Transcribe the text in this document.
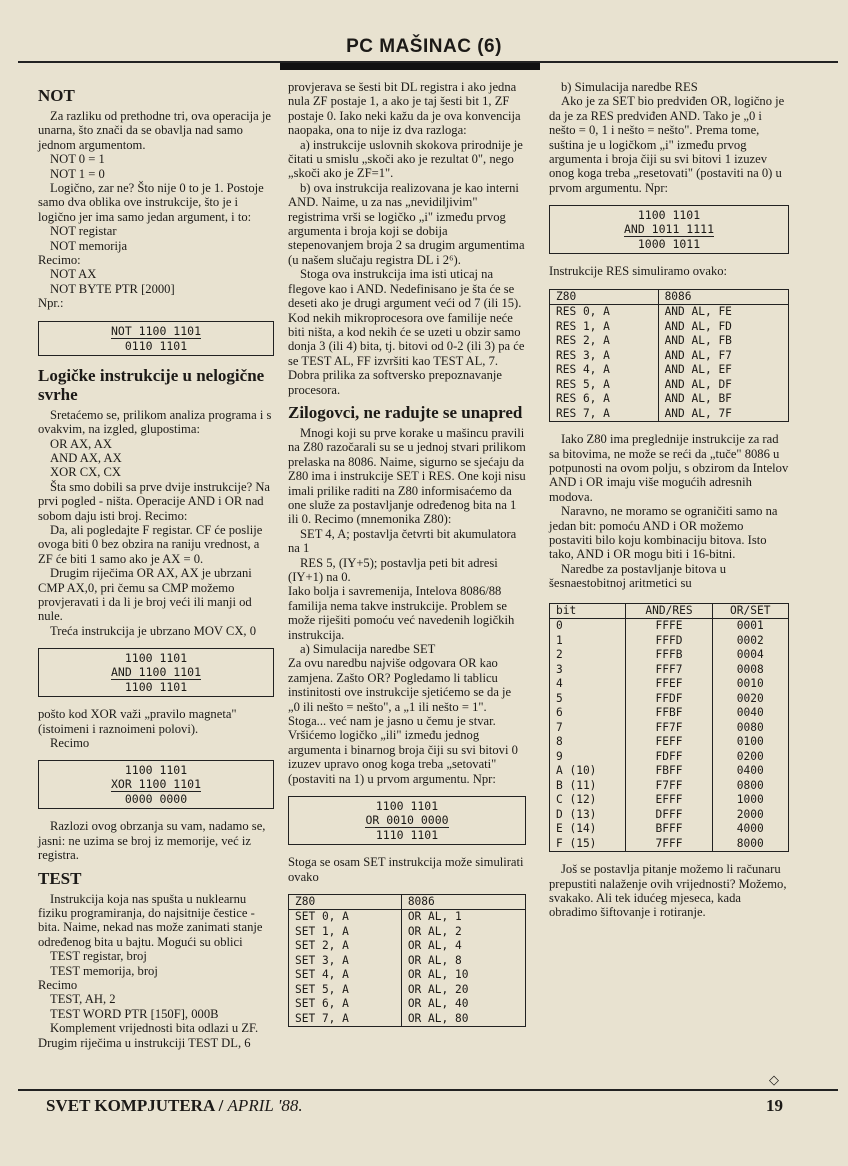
PC MAŠINAC (6)
NOT

Za razliku od prethodne tri, ova operacija je unarna, što znači da se obavlja nad samo jednom argumentom.

NOT 0 = 1

NOT 1 = 0

Logično, zar ne? Što nije 0 to je 1. Postoje samo dva oblika ove instrukcije, što je i logično jer ima samo jedan argument, i to:

NOT registar

NOT memorija

Recimo:

NOT AX

NOT BYTE PTR [2000]

Npr.:

NOT 1100 1101
0110 1101
Logičke instrukcije u nelogične svrhe

Sretaćemo se, prilikom analiza programa i s ovakvim, na izgled, glupostima:

OR AX, AX

AND AX, AX

XOR CX, CX

Šta smo dobili sa prve dvije instrukcije? Na prvi pogled - ništa. Operacije AND i OR nad sobom daju isti broj. Recimo:

Da, ali pogledajte F registar. CF će poslije ovoga biti 0 bez obzira na raniju vrednost, a ZF će biti 1 samo ako je AX = 0.

Drugim riječima OR AX, AX je ubrzani CMP AX,0, pri čemu sa CMP možemo provjeravati i da li je broj veći ili manji od nule.

Treća instrukcija je ubrzano MOV CX, 0

1100 1101
AND 1100 1101
1100 1101

pošto kod XOR važi „pravilo magneta" (istoimeni i raznoimeni polovi).

Recimo

1100 1101
XOR 1100 1101
0000 0000

Razlozi ovog obrzanja su vam, nadamo se, jasni: ne uzima se broj iz memorije, već iz registra.

TEST

Instrukcija koja nas spušta u nuklearnu fiziku programiranja, do najsitnije čestice - bita. Naime, nekad nas može zanimati stanje određenog bita u bajtu. Mogući su oblici

TEST registar, broj

TEST memorija, broj

Recimo

TEST, AH, 2

TEST WORD PTR [150F], 000B

Komplement vrijednosti bita odlazi u ZF. Drugim riječima u instrukciji TEST DL, 6

provjerava se šesti bit DL registra i ako jedna nula ZF postaje 1, a ako je taj šesti bit 1, ZF postaje 0. Iako neki kažu da je ova konvencija naopaka, ona to nije iz dva razloga:

a) instrukcije uslovnih skokova prirodnije je čitati u smislu „skoči ako je rezultat 0", nego „skoči ako je ZF=1".

b) ova instrukcija realizovana je kao interni AND. Naime, u za nas „nevidiljivim" registrima vrši se logičko „i" između prvog argumenta i broja koji se dobija stepenovanjem broja 2 sa drugim argumentima (u našem slučaju registra DL i 2⁶).

Stoga ova instrukcija ima isti uticaj na flegove kao i AND. Nedefinisano je šta će se deseti ako je drugi argument veći od 7 (ili 15). Kod nekih mikroprocesora ove familije neće biti ništa, a kod nekih će se uzeti u obzir samo donja 3 (ili 4) bita, tj. bitovi od 0-2 (ili 3) pa će se TEST AL, FF izvršiti kao TEST AL, 7. Dobra prilika za softversko prepoznavanje procesora.

Zilogovci, ne radujte se unapred

Mnogi koji su prve korake u mašincu pravili na Z80 razočarali su se u jednoj stvari prilikom prelaska na 8086. Naime, sigurno se sjećaju da Z80 ima i instrukcije SET i RES. One koji nisu imali prilike raditi na Z80 informisaćemo da one služe za postavljanje određenog bita na 1 ili 0. Recimo (mnemonika Z80):

SET 4, A; postavlja četvrti bit akumulatora na 1

RES 5, (IY+5); postavlja peti bit adresi (IY+1) na 0.

Iako bolja i savremenija, Intelova 8086/88 familija nema takve instrukcije. Problem se može riješiti pomoću već navedenih logičkih instrukcija.

a) Simulacija naredbe SET

Za ovu naredbu najviše odgovara OR kao zamjena. Zašto OR? Pogledamo li tablicu instinitosti ove instrukcije sjetićemo se da je „0 ili nešto = nešto", a „1 ili nešto = 1". Stoga... već nam je jasno u čemu je stvar. Vršićemo logičko „ili" između jednog argumenta i binarnog broja čiji su svi bitovi 0 izuzev upravo onog koga treba „setovati" (postaviti na 1) u prvom argumentu. Npr:

1100 1101
OR 0010 0000
1110 1101

Stoga se osam SET instrukcija može simulirati ovako

Z80	8086
SET 0, A	OR AL, 1
SET 1, A	OR AL, 2
SET 2, A	OR AL, 4
SET 3, A	OR AL, 8
SET 4, A	OR AL, 10
SET 5, A	OR AL, 20
SET 6, A	OR AL, 40
SET 7, A	OR AL, 80

b) Simulacija naredbe RES

Ako je za SET bio predviđen OR, logično je da je za RES predviđen AND. Tako je „0 i nešto = 0, 1 i nešto = nešto". Prema tome, suština je u logičkom „i" između prvog argumenta i broja čiji su svi bitovi 1 izuzev onog koga treba „resetovati" (postaviti na 0) u prvom argumentu. Npr:

1100 1101
AND 1011 1111
1000 1011

Instrukcije RES simuliramo ovako:

Z80	8086
RES 0, A	AND AL, FE
RES 1, A	AND AL, FD
RES 2, A	AND AL, FB
RES 3, A	AND AL, F7
RES 4, A	AND AL, EF
RES 5, A	AND AL, DF
RES 6, A	AND AL, BF
RES 7, A	AND AL, 7F

Iako Z80 ima preglednije instrukcije za rad sa bitovima, ne može se reći da „tuče" 8086 u potpunosti na ovom polju, s obzirom da Intelov AND i OR imaju više mogućih adresnih modova.

Naravno, ne moramo se ograničiti samo na jedan bit: pomoću AND i OR možemo postaviti bilo koju kombinaciju bitova. Isto tako, AND i OR mogu biti i 16-bitni.

Naredbe za postavljanje bitova u šesnaestobitnoj aritmetici su

bit	AND/RES	OR/SET
0	FFFE	0001
1	FFFD	0002
2	FFFB	0004
3	FFF7	0008
4	FFEF	0010
5	FFDF	0020
6	FFBF	0040
7	FF7F	0080
8	FEFF	0100
9	FDFF	0200
A (10)	FBFF	0400
B (11)	F7FF	0800
C (12)	EFFF	1000
D (13)	DFFF	2000
E (14)	BFFF	4000
F (15)	7FFF	8000

Još se postavlja pitanje možemo li računaru prepustiti nalaženje ovih vrijednosti? Možemo, svakako. Ali tek idućeg mjeseca, kada obradimo šiftovanje i rotiranje.

◇
SVET KOMPJUTERA / APRIL '88.	19
